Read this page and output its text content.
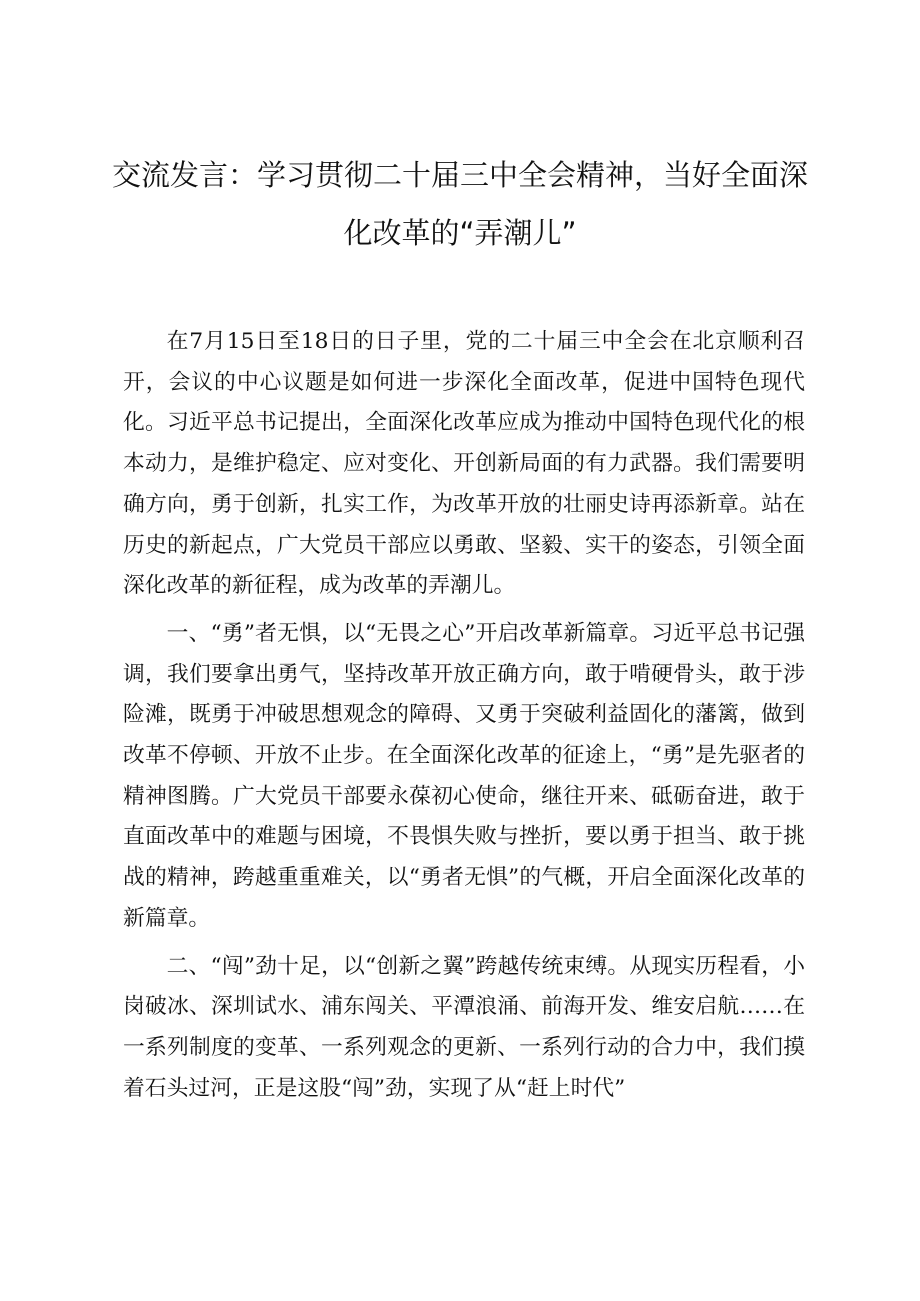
交流发言：学习贯彻二十届三中全会精神，当好全面深化改革的“弄潮儿”

在7月15日至18日的日子里，党的二十届三中全会在北京顺利召开，会议的中心议题是如何进一步深化全面改革，促进中国特色现代化。习近平总书记提出，全面深化改革应成为推动中国特色现代化的根本动力，是维护稳定、应对变化、开创新局面的有力武器。我们需要明确方向，勇于创新，扎实工作，为改革开放的壮丽史诗再添新章。站在历史的新起点，广大党员干部应以勇敢、坚毅、实干的姿态，引领全面深化改革的新征程，成为改革的弄潮儿。

一、“勇”者无惧，以“无畏之心”开启改革新篇章。习近平总书记强调，我们要拿出勇气，坚持改革开放正确方向，敢于啃硬骨头，敢于涉险滩，既勇于冲破思想观念的障碍、又勇于突破利益固化的藩篱，做到改革不停顿、开放不止步。在全面深化改革的征途上，“勇”是先驱者的精神图腾。广大党员干部要永葆初心使命，继往开来、砥砺奋进，敢于直面改革中的难题与困境，不畏惧失败与挫折，要以勇于担当、敢于挑战的精神，跨越重重难关，以“勇者无惧”的气概，开启全面深化改革的新篇章。

二、“闯”劲十足，以“创新之翼”跨越传统束缚。从现实历程看，小岗破冰、深圳试水、浦东闯关、平潭浪涌、前海开发、维安启航……在一系列制度的变革、一系列观念的更新、一系列行动的合力中，我们摸着石头过河，正是这股“闯”劲，实现了从“赶上时代”
